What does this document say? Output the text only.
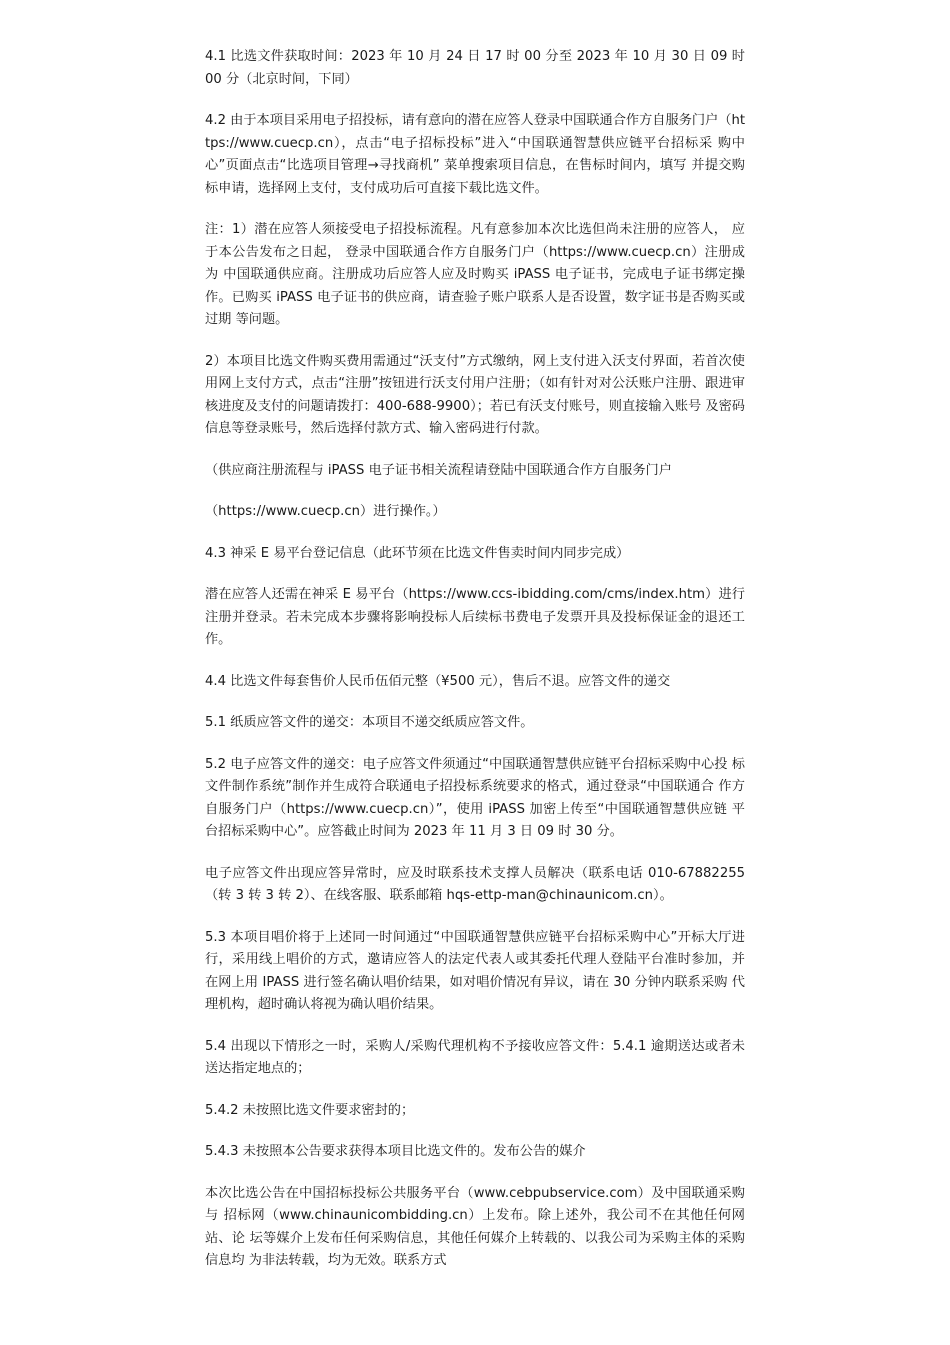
4.1 比选文件获取时间：2023 年 10 月 24 日 17 时 00 分至 2023 年 10 月 30 日 09 时 00 分（北京时间，下同）

4.2 由于本项目采用电子招投标，请有意向的潜在应答人登录中国联通合作方自服务门户（https://www.cuecp.cn），点击“电子招标投标”进入“中国联通智慧供应链平台招标采 购中心”页面点击“比选项目管理→寻找商机” 菜单搜索项目信息，在售标时间内，填写 并提交购标申请，选择网上支付，支付成功后可直接下载比选文件。

注：1）潜在应答人须接受电子招投标流程。凡有意参加本次比选但尚未注册的应答人， 应 于本公告发布之日起， 登录中国联通合作方自服务门户（https://www.cuecp.cn）注册成为 中国联通供应商。注册成功后应答人应及时购买 iPASS 电子证书，完成电子证书绑定操作。已购买 iPASS 电子证书的供应商，请查验子账户联系人是否设置，数字证书是否购买或过期 等问题。

2）本项目比选文件购买费用需通过“沃支付”方式缴纳，网上支付进入沃支付界面，若首次使用网上支付方式，点击“注册”按钮进行沃支付用户注册；（如有针对对公沃账户注册、跟进审核进度及支付的问题请拨打：400-688-9900）；若已有沃支付账号，则直接输入账号 及密码信息等登录账号，然后选择付款方式、输入密码进行付款。

（供应商注册流程与 iPASS 电子证书相关流程请登陆中国联通合作方自服务门户

（https://www.cuecp.cn）进行操作。）

4.3 神采 E 易平台登记信息（此环节须在比选文件售卖时间内同步完成）

潜在应答人还需在神采 E 易平台（https://www.ccs-ibidding.com/cms/index.htm）进行注册并登录。若未完成本步骤将影响投标人后续标书费电子发票开具及投标保证金的退还工 作。

4.4 比选文件每套售价人民币伍佰元整（¥500 元），售后不退。应答文件的递交

5.1 纸质应答文件的递交：本项目不递交纸质应答文件。

5.2 电子应答文件的递交：电子应答文件须通过“中国联通智慧供应链平台招标采购中心投 标文件制作系统”制作并生成符合联通电子招投标系统要求的格式，通过登录“中国联通合 作方自服务门户（https://www.cuecp.cn）”，使用 iPASS 加密上传至“中国联通智慧供应链 平台招标采购中心”。应答截止时间为 2023 年 11 月 3 日 09 时 30 分。

电子应答文件出现应答异常时，应及时联系技术支撑人员解决（联系电话 010-67882255（转 3 转 3 转 2）、在线客服、联系邮箱 hqs-ettp-man@chinaunicom.cn）。

5.3 本项目唱价将于上述同一时间通过“中国联通智慧供应链平台招标采购中心”开标大厅进行，采用线上唱价的方式，邀请应答人的法定代表人或其委托代理人登陆平台准时参加，并在网上用 IPASS 进行签名确认唱价结果，如对唱价情况有异议，请在 30 分钟内联系采购 代理机构，超时确认将视为确认唱价结果。

5.4 出现以下情形之一时，采购人/采购代理机构不予接收应答文件：5.4.1 逾期送达或者未送达指定地点的；

5.4.2 未按照比选文件要求密封的；

5.4.3 未按照本公告要求获得本项目比选文件的。发布公告的媒介

本次比选公告在中国招标投标公共服务平台（www.cebpubservice.com）及中国联通采购与 招标网（www.chinaunicombidding.cn）上发布。除上述外，我公司不在其他任何网站、论 坛等媒介上发布任何采购信息，其他任何媒介上转载的、以我公司为采购主体的采购信息均 为非法转载，均为无效。联系方式
